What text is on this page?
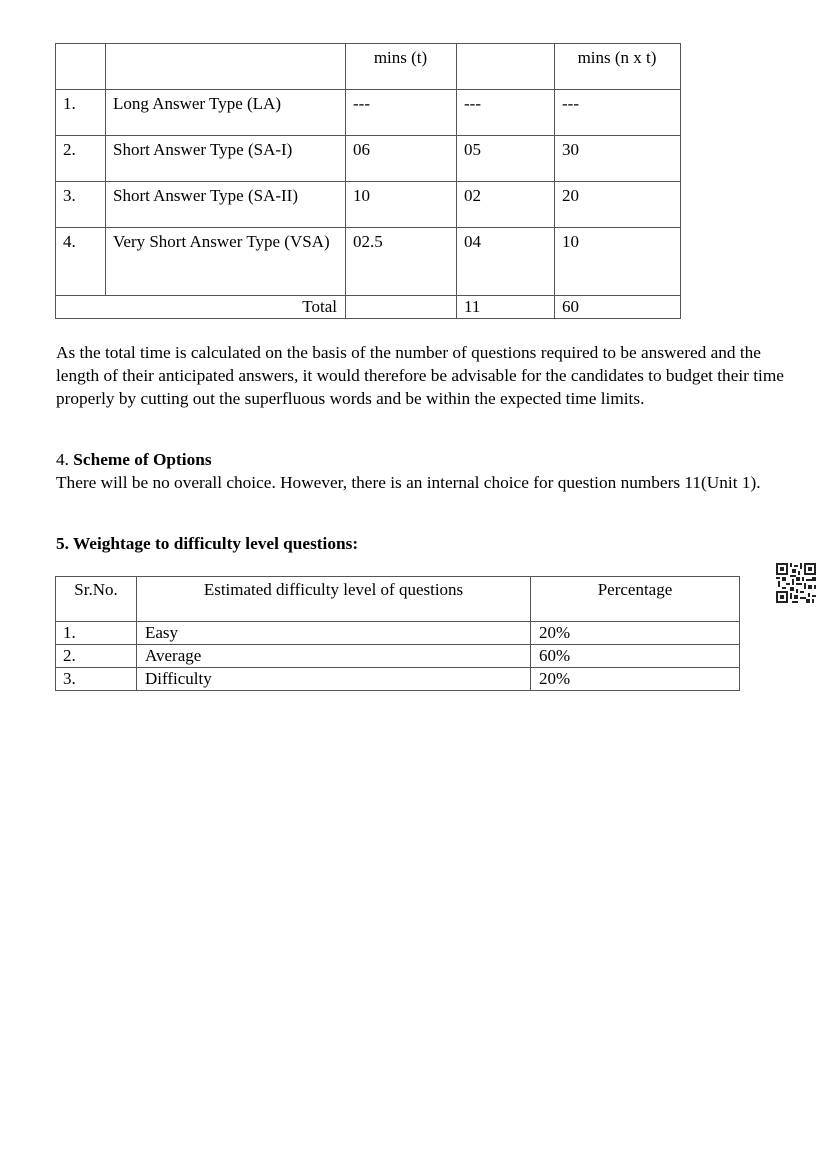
		mins (t)		mins (n x t)
1.	Long Answer Type (LA)	---	---	---
2.	Short Answer Type (SA-I)	06	05	30
3.	Short Answer Type (SA-II)	10	02	20
4.	Very Short Answer Type (VSA)	02.5	04	10
Total			11	60
As the total time is calculated on the basis of the number of questions required to be answered and the length of their anticipated answers, it would therefore be advisable for the candidates to budget their time properly by cutting out the superfluous words and be within the expected time limits.
4. Scheme of Options
There will be no overall choice. However, there is an internal choice for question numbers 11(Unit 1).
5. Weightage to difficulty level questions:
Sr.No.	Estimated difficulty level of questions	Percentage
1.	Easy	20%
2.	Average	60%
3.	Difficulty	20%
